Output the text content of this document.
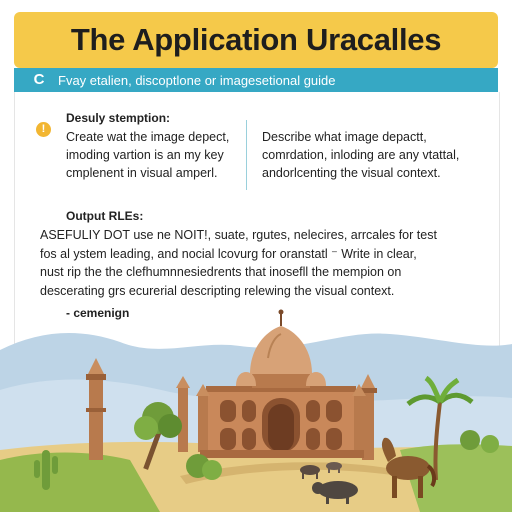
The Application Uracalles
C Fvay etalien, discoptlone or imagesetional guide
!
Desuly stemption:
Create wat the image depect,
imoding vartion is an my key
cmplenent in visual amperl.
Describe what image depactt,
comrdation, inloding are any vtattal,
andorlcenting the visual context.
Output RLEs:
ASEFULIY DOT use ne NOIT!, suate, rgutes, nelecires, arrcales for test
fos al ystem leading, and nocial lcovurg for oranstatl ⁻ Write in clear,
nust rip the the clefhumnnesiedrents that inosefll the mempion on
descerating grs ecurerial descripting relewing the visual context.
- cemenign
